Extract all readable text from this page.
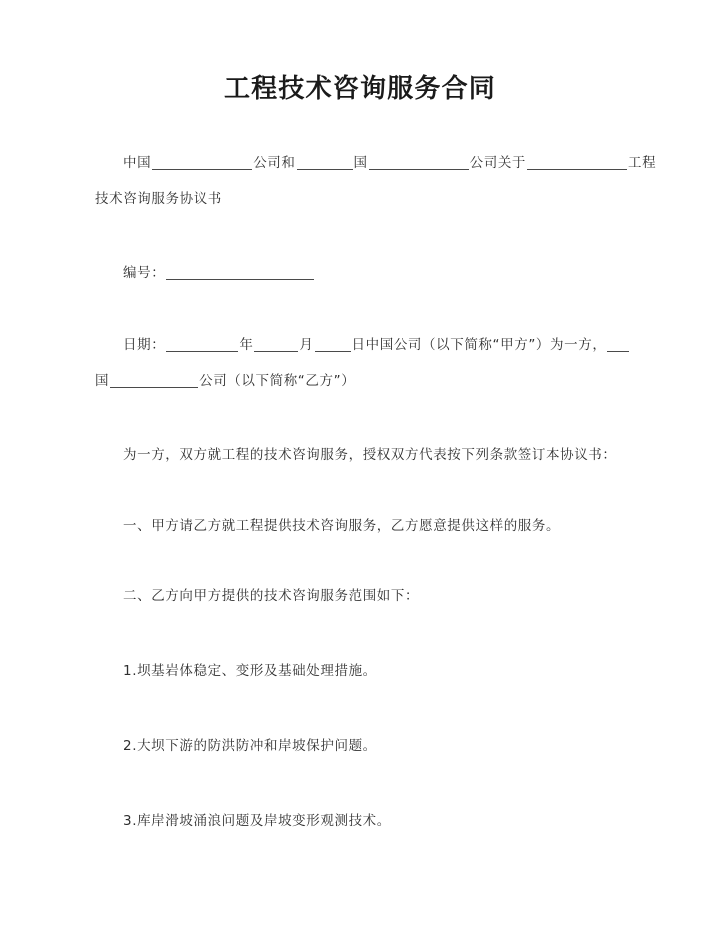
工程技术咨询服务合同
中国	公司和	国	公司关于	工程
技术咨询服务协议书
编号：
日期：	年	月	日中国公司（以下简称“甲方”）为一方，
国	公司（以下简称“乙方”）
为一方，双方就工程的技术咨询服务，授权双方代表按下列条款签订本协议书：
一、甲方请乙方就工程提供技术咨询服务，乙方愿意提供这样的服务。
二、乙方向甲方提供的技术咨询服务范围如下：
1.坝基岩体稳定、变形及基础处理措施。
2.大坝下游的防洪防冲和岸坡保护问题。
3.库岸滑坡涌浪问题及岸坡变形观测技术。
